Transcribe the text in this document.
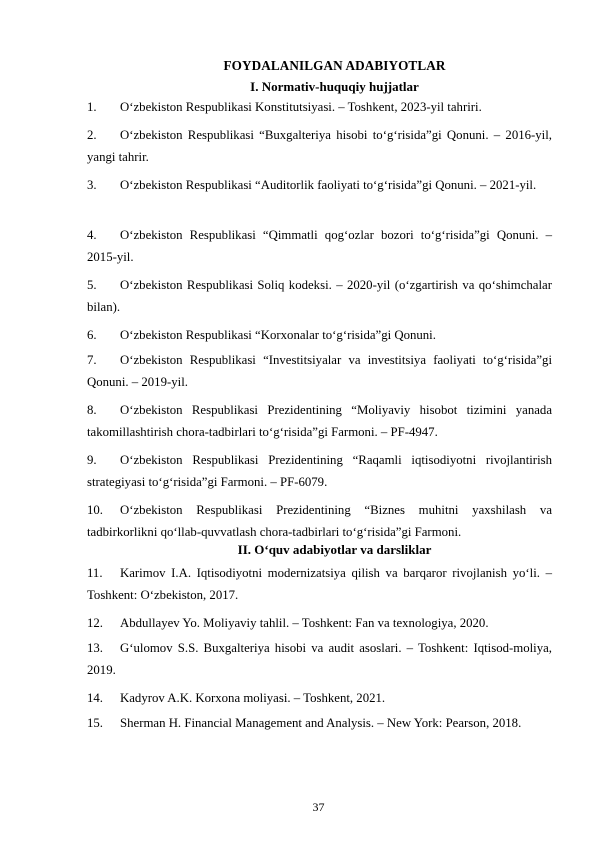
FOYDALANILGAN ADABIYOTLAR
I. Normativ-huquqiy hujjatlar
II. O‘quv adabiyotlar va darsliklar
1.	O‘zbekiston Respublikasi Konstitutsiyasi. – Toshkent, 2023-yil tahriri.
2.	O‘zbekiston Respublikasi “Buxgalteriya hisobi to‘g‘risida”gi Qonuni. – 2016-yil, yangi tahrir.
3.	O‘zbekiston Respublikasi “Auditorlik faoliyati to‘g‘risida”gi Qonuni. – 2021-yil.
4.	O‘zbekiston Respublikasi “Qimmatli qog‘ozlar bozori to‘g‘risida”gi Qonuni. – 2015-yil.
5.	O‘zbekiston Respublikasi Soliq kodeksi. – 2020-yil (o‘zgartirish va qo‘shimchalar bilan).
6.	O‘zbekiston Respublikasi “Korxonalar to‘g‘risida”gi Qonuni.
7.	O‘zbekiston Respublikasi “Investitsiyalar va investitsiya faoliyati to‘g‘risida”gi Qonuni. – 2019-yil.
8.	O‘zbekiston Respublikasi Prezidentining “Moliyaviy hisobot tizimini yanada takomillashtirish chora-tadbirlari to‘g‘risida”gi Farmoni. – PF-4947.
9.	O‘zbekiston Respublikasi Prezidentining “Raqamli iqtisodiyotni rivojlantirish strategiyasi to‘g‘risida”gi Farmoni. – PF-6079.
10.	O‘zbekiston Respublikasi Prezidentining “Biznes muhitni yaxshilash va tadbirkorlikni qo‘llab-quvvatlash chora-tadbirlari to‘g‘risida”gi Farmoni.
11.	Karimov I.A. Iqtisodiyotni modernizatsiya qilish va barqaror rivojlanish yo‘li. – Toshkent: O‘zbekiston, 2017.
12.	Abdullayev Yo. Moliyaviy tahlil. – Toshkent: Fan va texnologiya, 2020.
13.	G‘ulomov S.S. Buxgalteriya hisobi va audit asoslari. – Toshkent: Iqtisod-moliya, 2019.
14.	Kadyrov A.K. Korxona moliyasi. – Toshkent, 2021.
15.	Sherman H. Financial Management and Analysis. – New York: Pearson, 2018.
37
